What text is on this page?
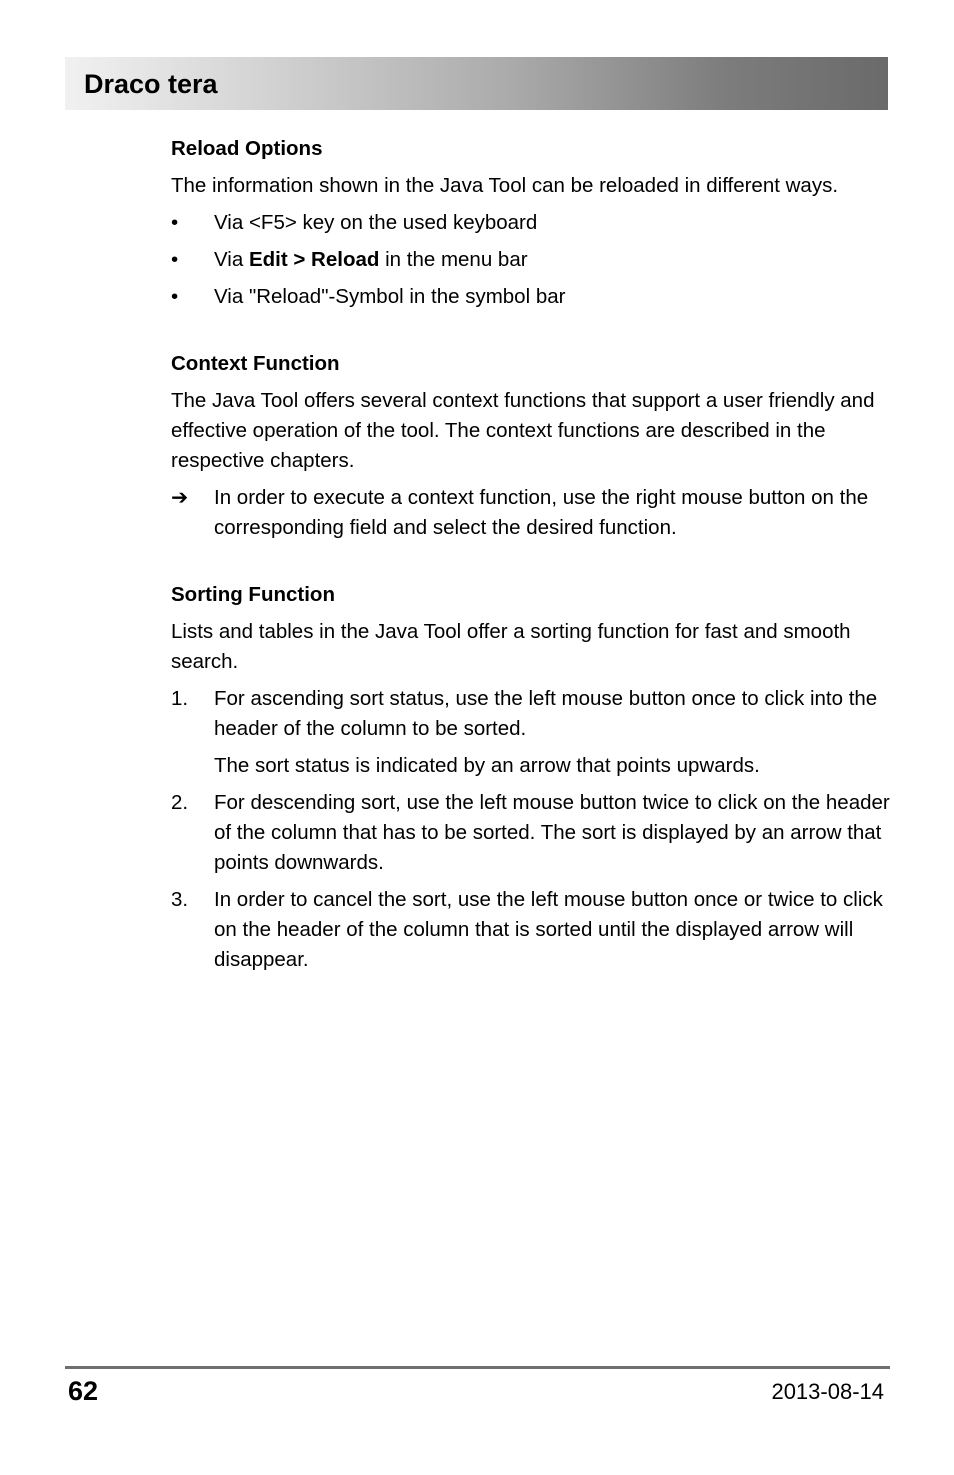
Draco tera

Reload Options

The information shown in the Java Tool can be reloaded in different ways.

•	Via <F5> key on the used keyboard
•	Via Edit > Reload in the menu bar
•	Via "Reload"-Symbol in the symbol bar

Context Function

The Java Tool offers several context functions that support a user friendly and effective operation of the tool. The context functions are described in the respective chapters.

➔	In order to execute a context function, use the right mouse button on the corresponding field and select the desired function.

Sorting Function

Lists and tables in the Java Tool offer a sorting function for fast and smooth search.

1.	For ascending sort status, use the left mouse button once to click into the header of the column to be sorted.
The sort status is indicated by an arrow that points upwards.
2.	For descending sort, use the left mouse button twice to click on the header of the column that has to be sorted. The sort is displayed by an arrow that points downwards.
3.	In order to cancel the sort, use the left mouse button once or twice to click on the header of the column that is sorted until the displayed arrow will disappear.
62	2013-08-14
